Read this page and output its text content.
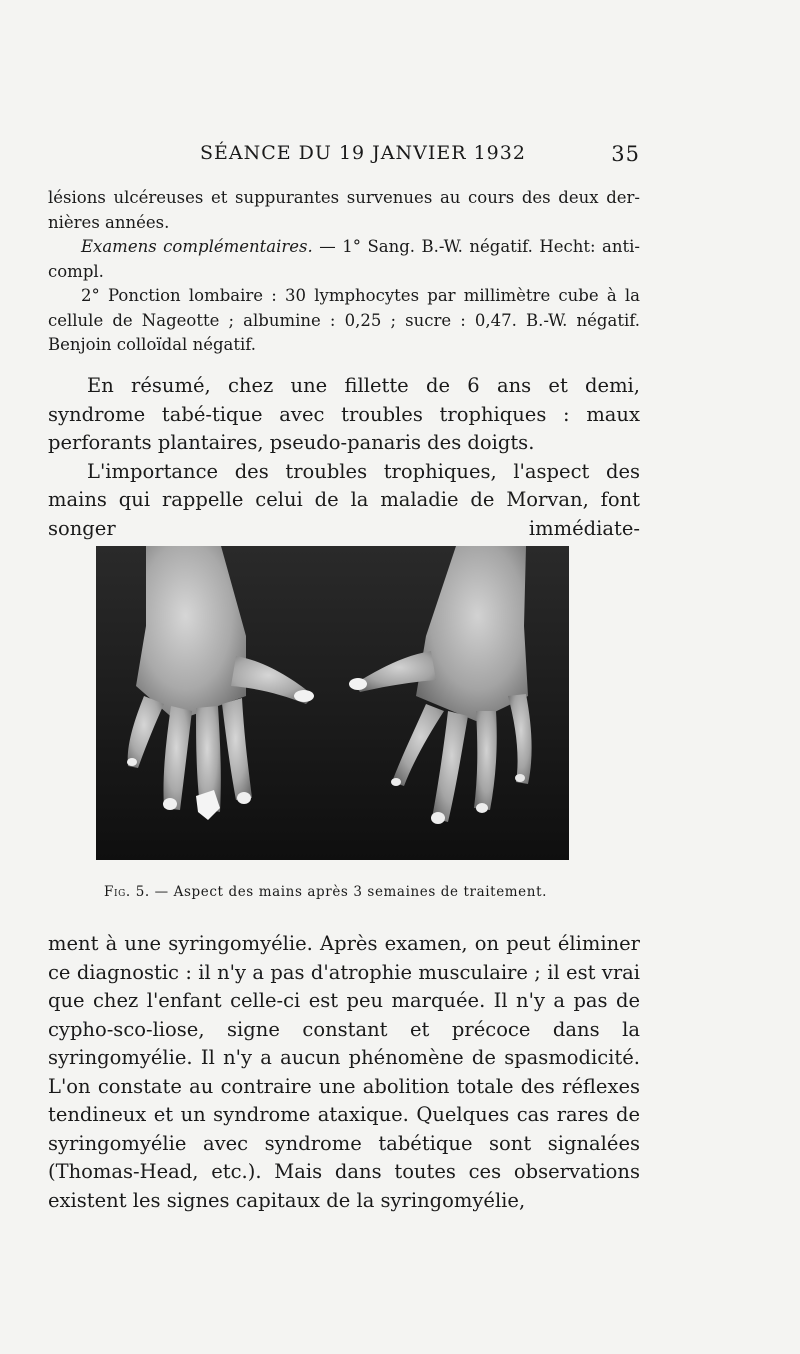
SÉANCE DU 19 JANVIER 1932	35

lésions ulcéreuses et suppurantes survenues au cours des deux der-nières années.

Examens complémentaires. — 1° Sang. B.-W. négatif. Hecht: anti-compl.

2° Ponction lombaire : 30 lymphocytes par millimètre cube à la cellule de Nageotte ; albumine : 0,25 ; sucre : 0,47. B.-W. négatif. Benjoin colloïdal négatif.

En résumé, chez une fillette de 6 ans et demi, syndrome tabé-tique avec troubles trophiques : maux perforants plantaires, pseudo-panaris des doigts.

L'importance des troubles trophiques, l'aspect des mains qui rappelle celui de la maladie de Morvan, font songer immédiate-

Fig. 5. — Aspect des mains après 3 semaines de traitement.

ment à une syringomyélie. Après examen, on peut éliminer ce diagnostic : il n'y a pas d'atrophie musculaire ; il est vrai que chez l'enfant celle-ci est peu marquée. Il n'y a pas de cypho-sco-liose, signe constant et précoce dans la syringomyélie. Il n'y a aucun phénomène de spasmodicité. L'on constate au contraire une abolition totale des réflexes tendineux et un syndrome ataxique. Quelques cas rares de syringomyélie avec syndrome tabétique sont signalées (Thomas-Head, etc.). Mais dans toutes ces observations existent les signes capitaux de la syringomyélie,
